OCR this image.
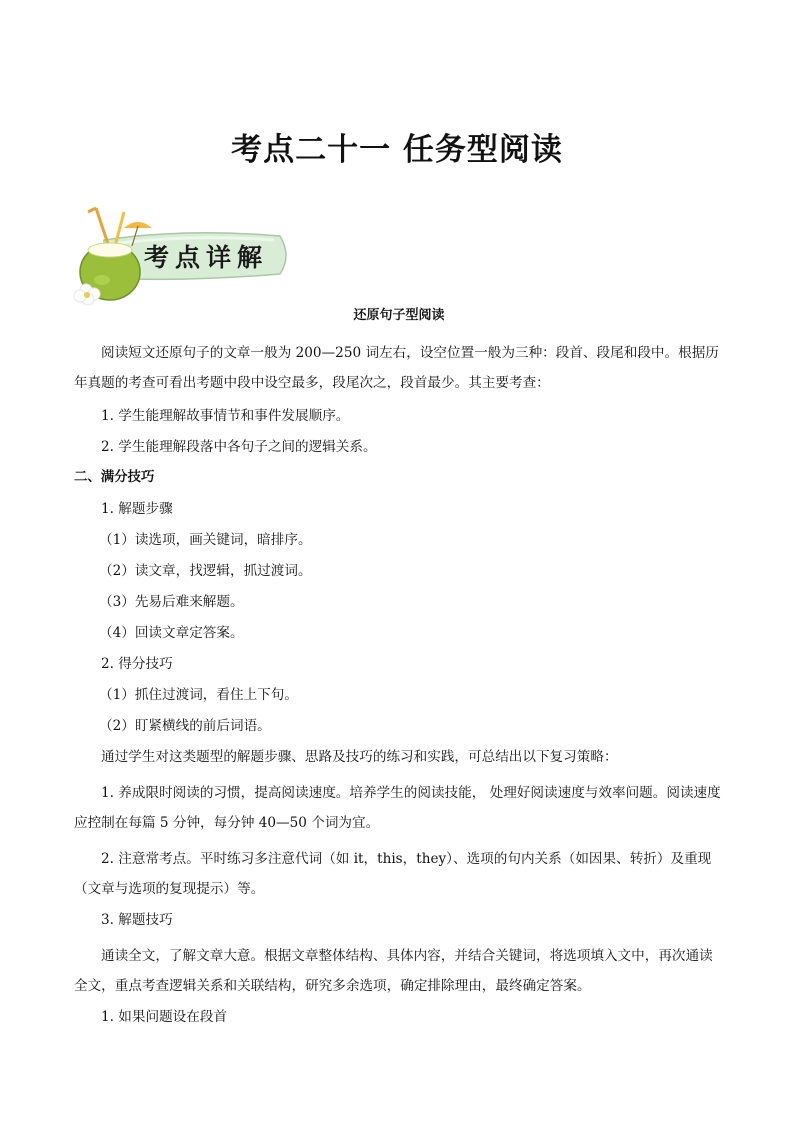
考点二十一 任务型阅读
考点详解

还原句子型阅读

阅读短文还原句子的文章一般为 200—250 词左右，设空位置一般为三种：段首、段尾和段中。根据历年真题的考查可看出考题中段中设空最多，段尾次之，段首最少。其主要考查：

1. 学生能理解故事情节和事件发展顺序。

2. 学生能理解段落中各句子之间的逻辑关系。

二、满分技巧

1. 解题步骤

（1）读选项，画关键词，暗排序。

（2）读文章，找逻辑，抓过渡词。

（3）先易后难来解题。

（4）回读文章定答案。

2. 得分技巧

（1）抓住过渡词，看住上下句。

（2）盯紧横线的前后词语。

通过学生对这类题型的解题步骤、思路及技巧的练习和实践，可总结出以下复习策略：

1. 养成限时阅读的习惯，提高阅读速度。培养学生的阅读技能， 处理好阅读速度与效率问题。阅读速度应控制在每篇 5 分钟，每分钟 40—50 个词为宜。

2. 注意常考点。平时练习多注意代词（如 it，this，they）、选项的句内关系（如因果、转折）及重现（文章与选项的复现提示）等。

3. 解题技巧

通读全文，了解文章大意。根据文章整体结构、具体内容，并结合关键词，将选项填入文中，再次通读全文，重点考查逻辑关系和关联结构，研究多余选项，确定排除理由，最终确定答案。

1. 如果问题设在段首
